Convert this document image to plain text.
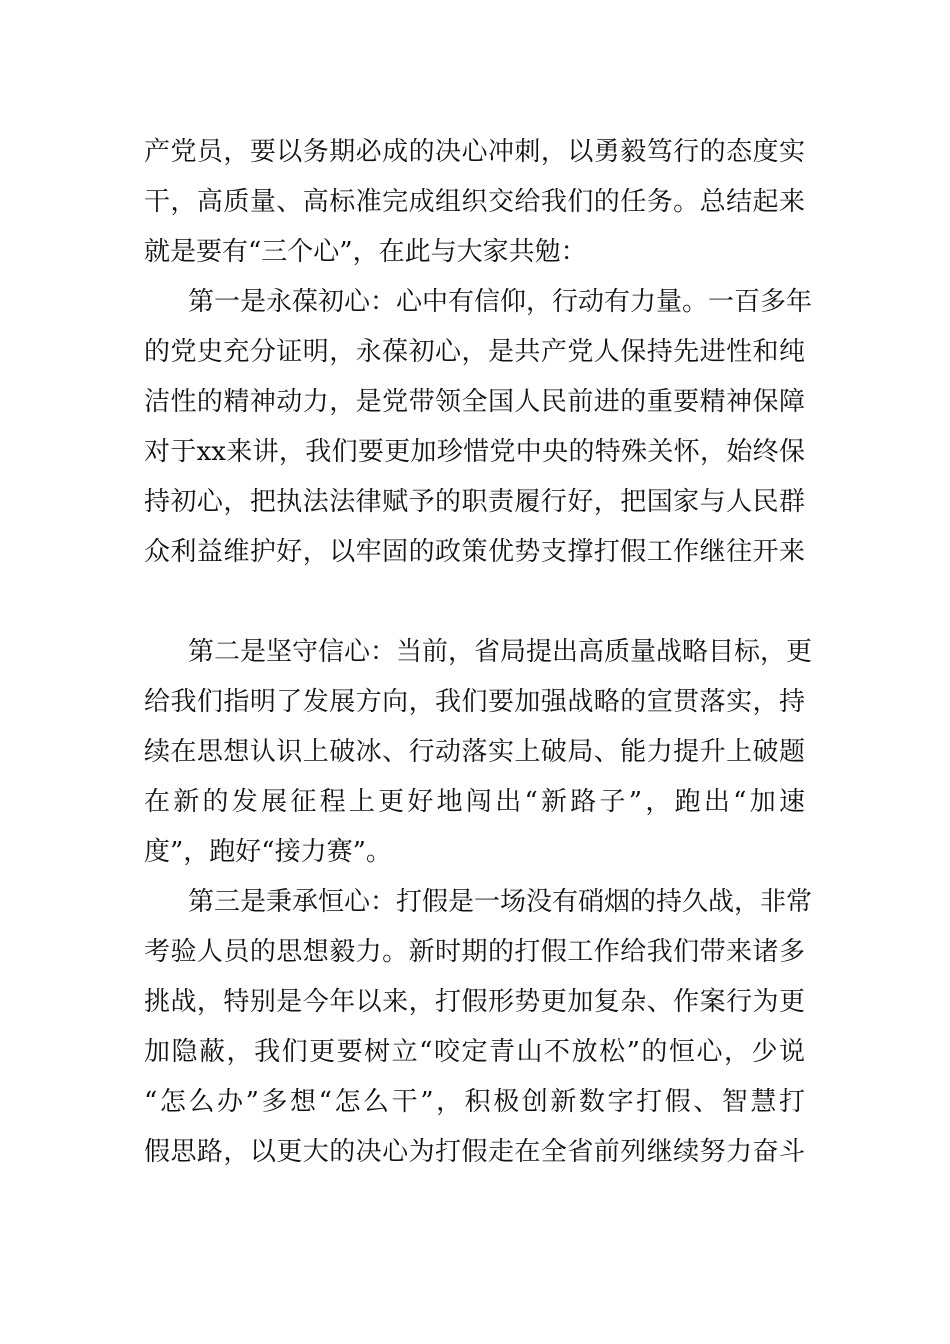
产党员，要以务期必成的决心冲刺，以勇毅笃行的态度实
干，高质量、高标准完成组织交给我们的任务。总结起来
就是要有“三个心”，在此与大家共勉：
第一是永葆初心：心中有信仰，行动有力量。一百多年
的党史充分证明，永葆初心，是共产党人保持先进性和纯
洁性的精神动力，是党带领全国人民前进的重要精神保障
对于xx来讲，我们要更加珍惜党中央的特殊关怀，始终保
持初心，把执法法律赋予的职责履行好，把国家与人民群
众利益维护好，以牢固的政策优势支撑打假工作继往开来
第二是坚守信心：当前，省局提出高质量战略目标，更
给我们指明了发展方向，我们要加强战略的宣贯落实，持
续在思想认识上破冰、行动落实上破局、能力提升上破题
在新的发展征程上更好地闯出“新路子”，跑出“加速
度”，跑好“接力赛”。
第三是秉承恒心：打假是一场没有硝烟的持久战，非常
考验人员的思想毅力。新时期的打假工作给我们带来诸多
挑战，特别是今年以来，打假形势更加复杂、作案行为更
加隐蔽，我们更要树立“咬定青山不放松”的恒心，少说
“怎么办”多想“怎么干”，积极创新数字打假、智慧打
假思路，以更大的决心为打假走在全省前列继续努力奋斗
